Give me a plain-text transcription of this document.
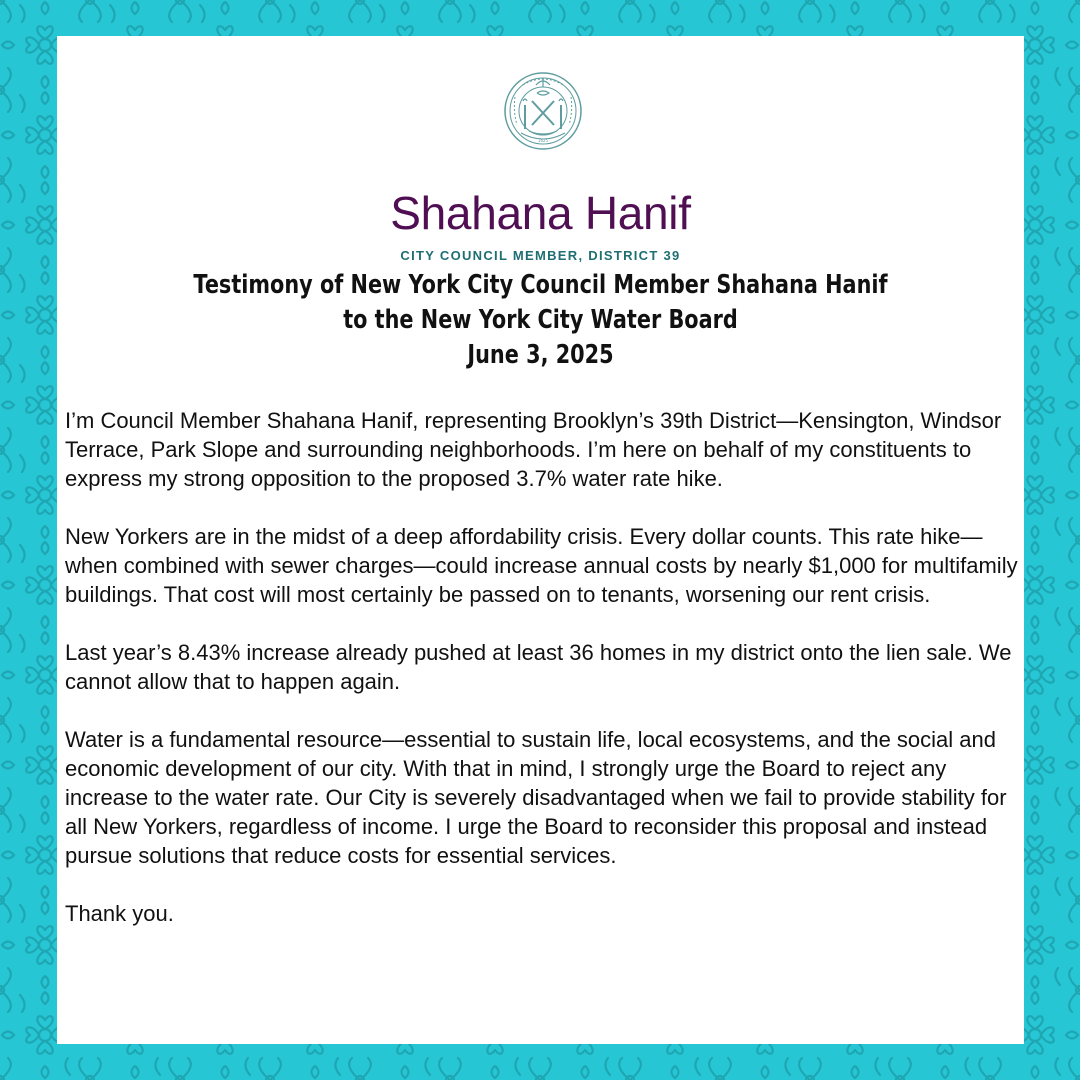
1625
Shahana Hanif
CITY COUNCIL MEMBER, DISTRICT 39
Testimony of New York City Council Member Shahana Hanif
to the New York City Water Board
June 3, 2025

I’m Council Member Shahana Hanif, representing Brooklyn’s 39th District—Kensington, Windsor Terrace, Park Slope and surrounding neighborhoods. I’m here on behalf of my constituents to express my strong opposition to the proposed 3.7% water rate hike.

New Yorkers are in the midst of a deep affordability crisis. Every dollar counts. This rate hike—when combined with sewer charges—could increase annual costs by nearly $1,000 for multifamily buildings. That cost will most certainly be passed on to tenants, worsening our rent crisis.

Last year’s 8.43% increase already pushed at least 36 homes in my district onto the lien sale. We cannot allow that to happen again.

Water is a fundamental resource—essential to sustain life, local ecosystems, and the social and economic development of our city. With that in mind, I strongly urge the Board to reject any increase to the water rate. Our City is severely disadvantaged when we fail to provide stability for all New Yorkers, regardless of income. I urge the Board to reconsider this proposal and instead pursue solutions that reduce costs for essential services.

Thank you.
